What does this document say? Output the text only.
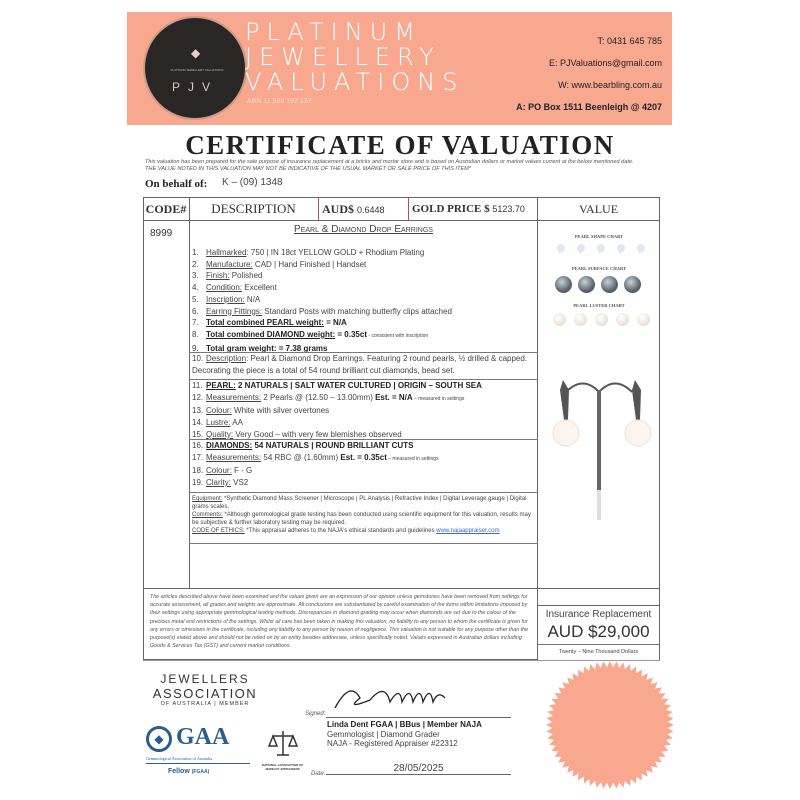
◆
PLATINUM JEWELLERY VALUATIONS
PJV
PLATINUM
JEWELLERY
VALUATIONS
ABN 11 588 192 137
T: 0431 645 785
E: PJValuations@gmail.com
W: www.bearbling.com.au
A: PO Box 1511 Beenleigh @ 4207
CERTIFICATE OF VALUATION
This valuation has been prepared for the sale purpose of insurance replacement at a bricks and mortar store and is based on Australian dollars or market values current at the below mentioned date.
THE VALUE NOTED IN THIS VALUATION MAY NOT BE INDICATIVE OF THE USUAL MARKET OR SALE PRICE OF THIS ITEM*
On behalf of: K – (09) 1348
CODE#	DESCRIPTION	AUD$ 0.6448	GOLD PRICE $ 5123.70	VALUE
8999	Pearl & Diamond Drop Earrings
1. Hallmarked: 750 | IN 18ct YELLOW GOLD + Rhodium Plating
2. Manufacture: CAD | Hand Finished | Handset
3. Finish: Polished
4. Condition: Excellent
5. Inscription: N/A
6. Earring Fittings: Standard Posts with matching butterfly clips attached
7. Total combined PEARL weight: = N/A
8. Total combined DIAMOND weight: = 0.35ct - consistent with inscription
9. Total gram weight: = 7.38 grams
10. Description: Pearl & Diamond Drop Earrings. Featuring 2 round pearls, ½ drilled & capped. Decorating the piece is a total of 54 round brilliant cut diamonds, bead set.
11. PEARL: 2 NATURALS | SALT WATER CULTURED | ORIGIN – SOUTH SEA
12. Measurements: 2 Pearls @ (12.50 – 13.00mm) Est. = N/A – measured in settings
13. Colour: White with silver overtones
14. Lustre: AA
15. Quality: Very Good – with very few blemishes observed
16. DIAMONDS: 54 NATURALS | ROUND BRILLIANT CUTS
17. Measurements: 54 RBC @ (1.60mm) Est. = 0.35ct – measured in settings
18. Colour: F - G
19. Clarity: VS2
Equipment: *Synthetic Diamond Mass Screener | Microscope | PL Analysis | Refractive Index | Digital Leverage gauge | Digital grams scales.
Comments: *Although gemmological grade testing has been conducted using scientific equipment for this valuation, results may be subjective & further laboratory testing may be required.
CODE OF ETHICS: *This appraisal adheres to the NAJA's ethical standards and guidelines www.najaappraiser.com
PEARL SHAPE CHART
PEARL SURFACE CHART
PEARL LUSTER CHART
Insurance Replacement
AUD $29,000
Twenty – Nine Thousand Dollars
The articles described above have been examined and the values given are an expression of our opinion unless gemstones have been removed from settings for accurate assessment, all grades and weights are approximate. All conclusions are substantiated by careful examination of the items within limitations imposed by their settings using appropriate gemmological testing methods. Discrepancies in diamond grading may occur when diamonds are set due to the colour of the precious metal and restrictions of the settings. Whilst all care has been taken in making this valuation, no liability to any person to whom the certificate is given for any errors or omissions in the certificate, including any liability to any person by reason of negligence. This valuation is not suitable for any purpose other than the purpose(s) stated above and should not be relied on by an entity besides addressee, unless specifically noted. Values expressed in Australian dollars including Goods & Services Tax (GST) and current market conditions.
JEWELLERS
ASSOCIATION
OF AUSTRALIA | MEMBER
◆ GAA
Gemmological Association of Australia
Fellow (FGAA)
NATIONAL ASSOCIATION OF JEWELRY APPRAISERS
Signed:
Linda Dent FGAA | BBus | Member NAJA
Gemmologist | Diamond Grader
NAJA - Registered Appraiser #22312
Date:	28/05/2025
